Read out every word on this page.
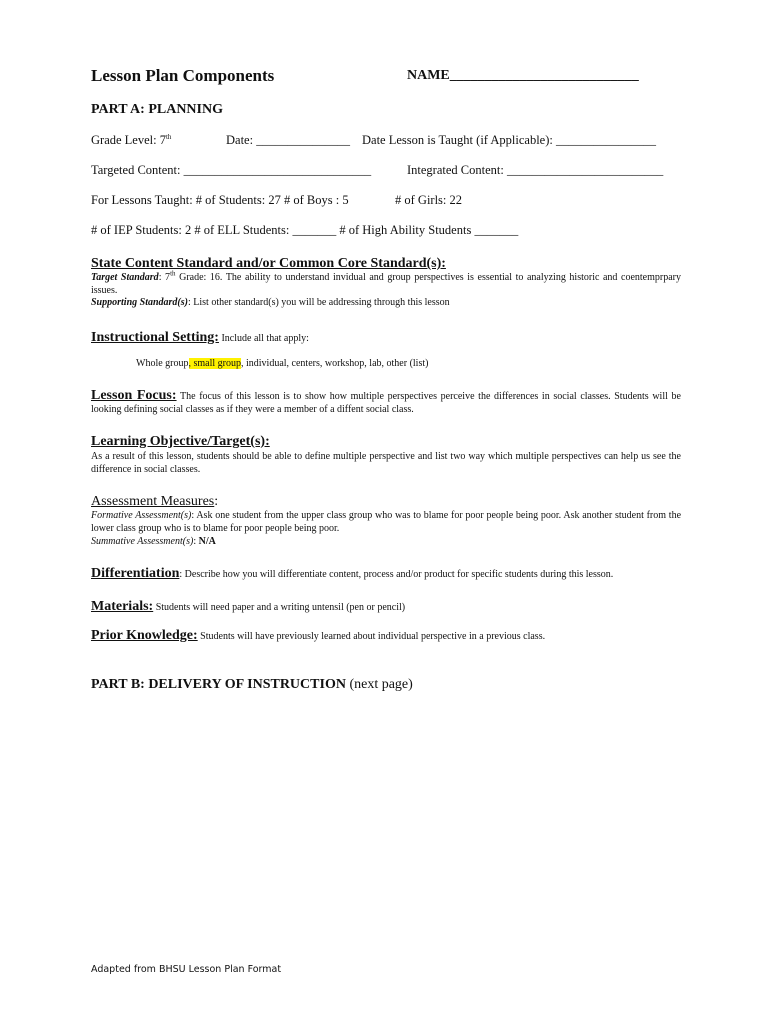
Lesson Plan Components	NAME___________________________
PART A: PLANNING
Grade Level: 7th	Date: _______________ Date Lesson is Taught (if Applicable): ________________
Targeted Content: ______________________________	Integrated Content: _________________________
For Lessons Taught: # of Students: 27 # of Boys : 5	# of Girls: 22
# of IEP Students: 2 # of ELL Students: _______ # of High Ability Students _______
State Content Standard and/or Common Core Standard(s):
Target Standard: 7th Grade: 16. The ability to understand invidual and group perspectives is essential to analyzing historic and coentemprpary issues.
Supporting Standard(s): List other standard(s) you will be addressing through this lesson
Instructional Setting: Include all that apply:
Whole group, small group, individual, centers, workshop, lab, other (list)
Lesson Focus: The focus of this lesson is to show how multiple perspectives perceive the differences in social classes. Students will be looking defining social classes as if they were a member of a diffent social class.
Learning Objective/Target(s):
As a result of this lesson, students should be able to define multiple perspective and list two way which multiple perspectives can help us see the difference in social classes.
Assessment Measures:
Formative Assessment(s): Ask one student from the upper class group who was to blame for poor people being poor. Ask another student from the lower class group who is to blame for poor people being poor.
Summative Assessment(s): N/A
Differentiation: Describe how you will differentiate content, process and/or product for specific students during this lesson.
Materials: Students will need paper and a writing untensil (pen or pencil)
Prior Knowledge: Students will have previously learned about individual perspective in a previous class.
PART B: DELIVERY OF INSTRUCTION (next page)
Adapted from BHSU Lesson Plan Format
